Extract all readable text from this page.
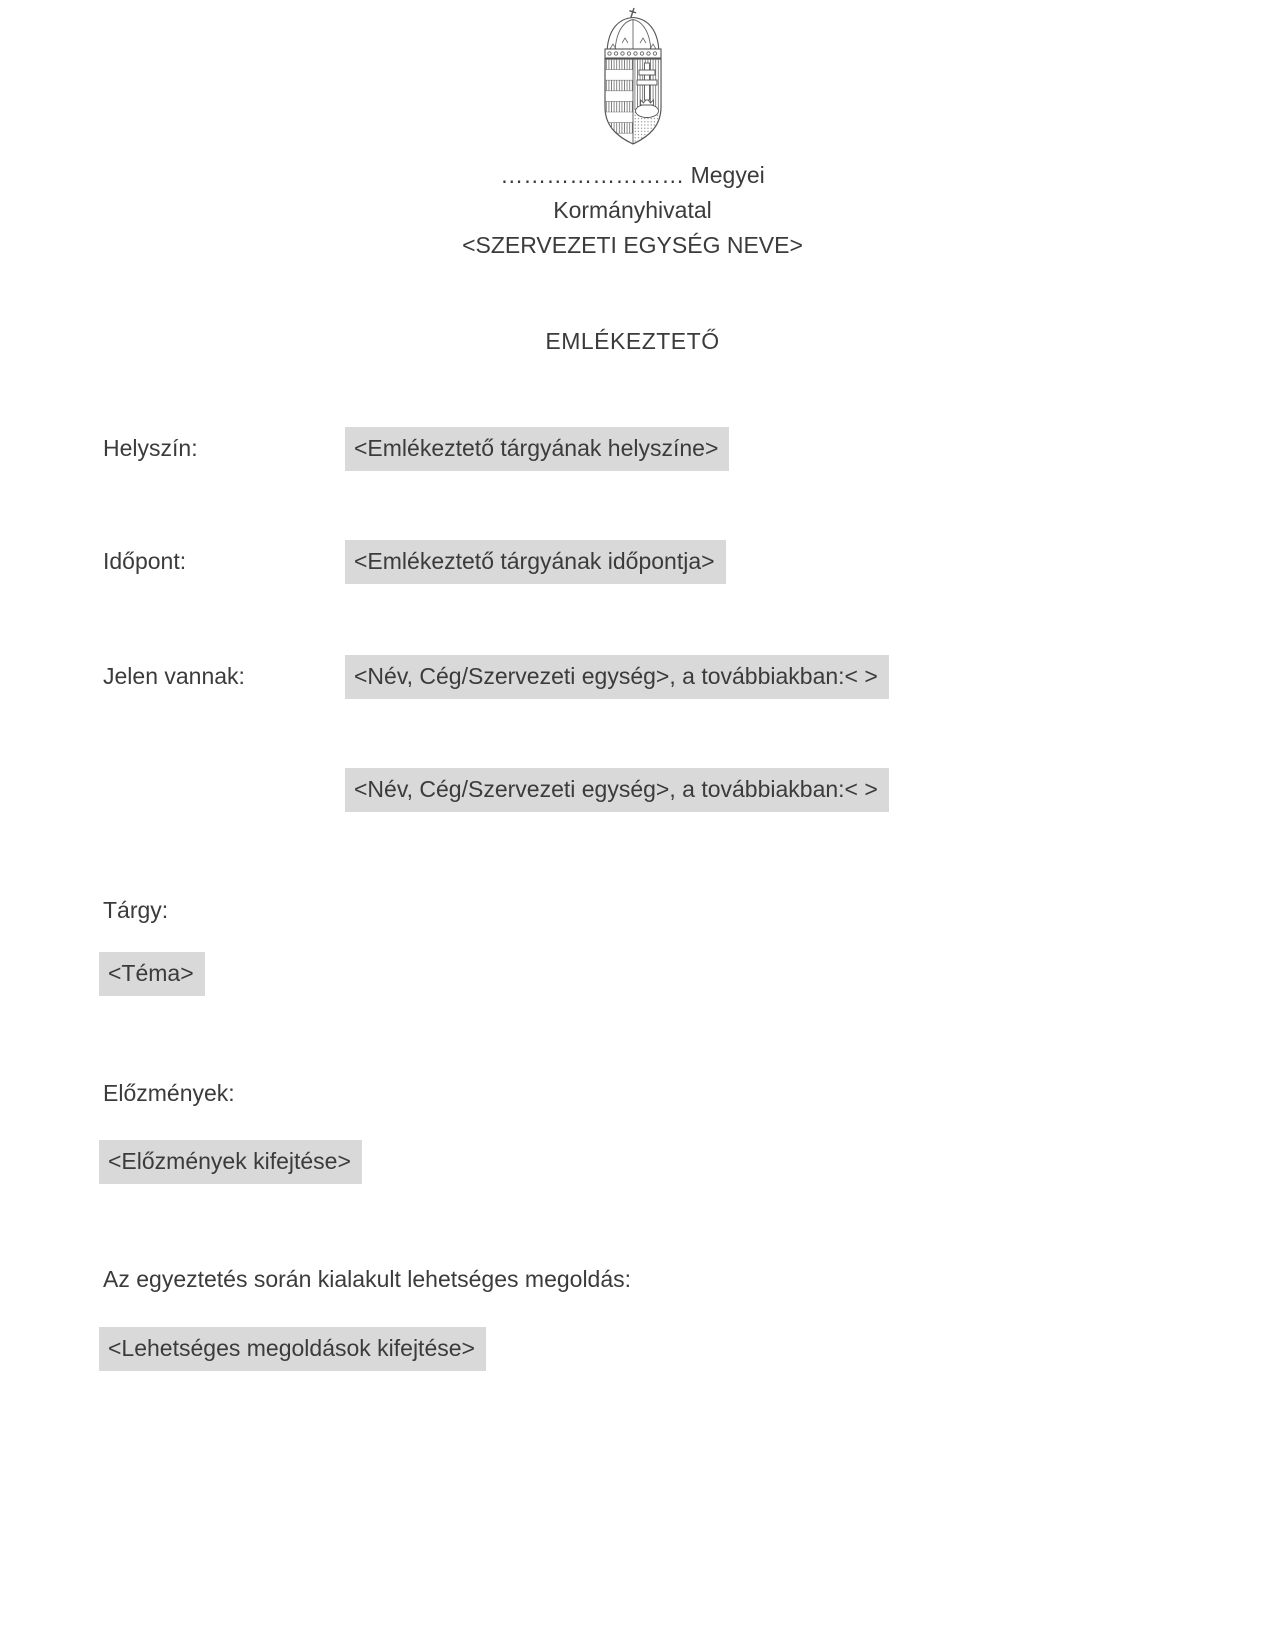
…………………… Megyei
Kormányhivatal
<SZERVEZETI EGYSÉG NEVE>
EMLÉKEZTETŐ
Helyszín:	<Emlékeztető tárgyának helyszíne>
Időpont:	<Emlékeztető tárgyának időpontja>
Jelen vannak:	<Név, Cég/Szervezeti egység>, a továbbiakban:< >
<Név, Cég/Szervezeti egység>, a továbbiakban:< >
Tárgy:
<Téma>
Előzmények:
<Előzmények kifejtése>
Az egyeztetés során kialakult lehetséges megoldás:
<Lehetséges megoldások kifejtése>
